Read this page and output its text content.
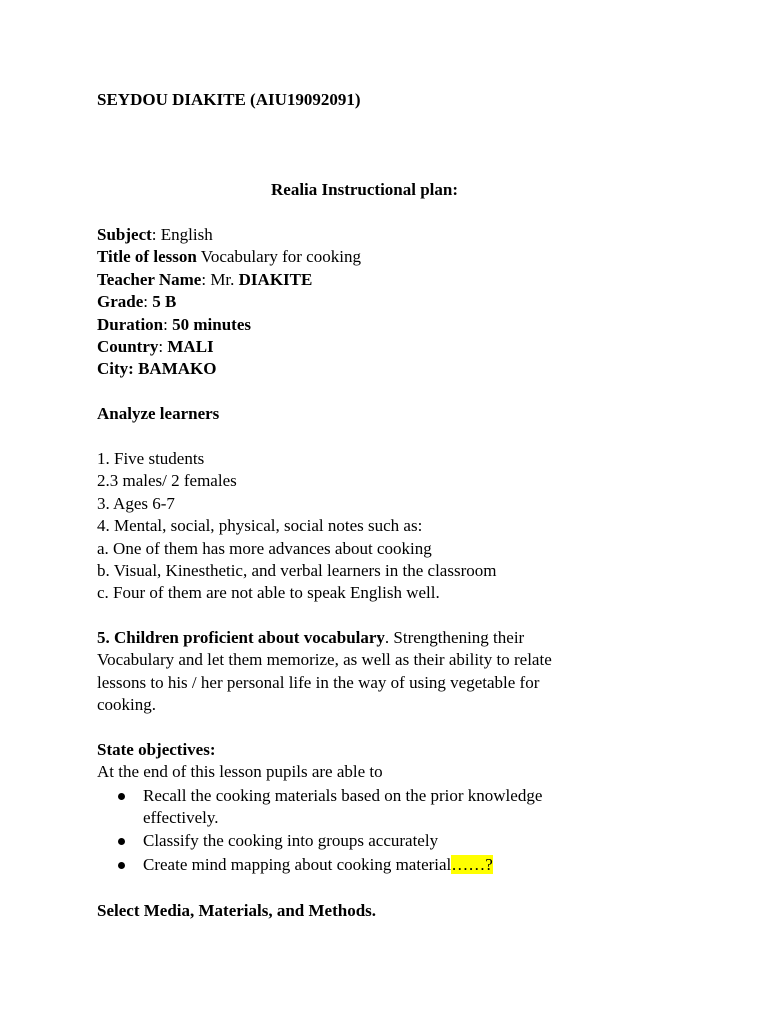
SEYDOU DIAKITE (AIU19092091)
Realia Instructional plan:
Subject: English
Title of lesson Vocabulary for cooking
Teacher Name: Mr. DIAKITE
Grade: 5 B
Duration: 50 minutes
Country: MALI
City: BAMAKO
Analyze learners
1. Five students
2.3 males/ 2 females
3. Ages 6-7
4. Mental, social, physical, social notes such as:
a. One of them has more advances about cooking
b. Visual, Kinesthetic, and verbal learners in the classroom
c. Four of them are not able to speak English well.
5. Children proficient about vocabulary. Strengthening their
Vocabulary and let them memorize, as well as their ability to relate
lessons to his / her personal life in the way of using vegetable for
cooking.
State objectives:
At the end of this lesson pupils are able to
Recall the cooking materials based on the prior knowledge
effectively.
Classify the cooking into groups accurately
Create mind mapping about cooking material……?
Select Media, Materials, and Methods.
